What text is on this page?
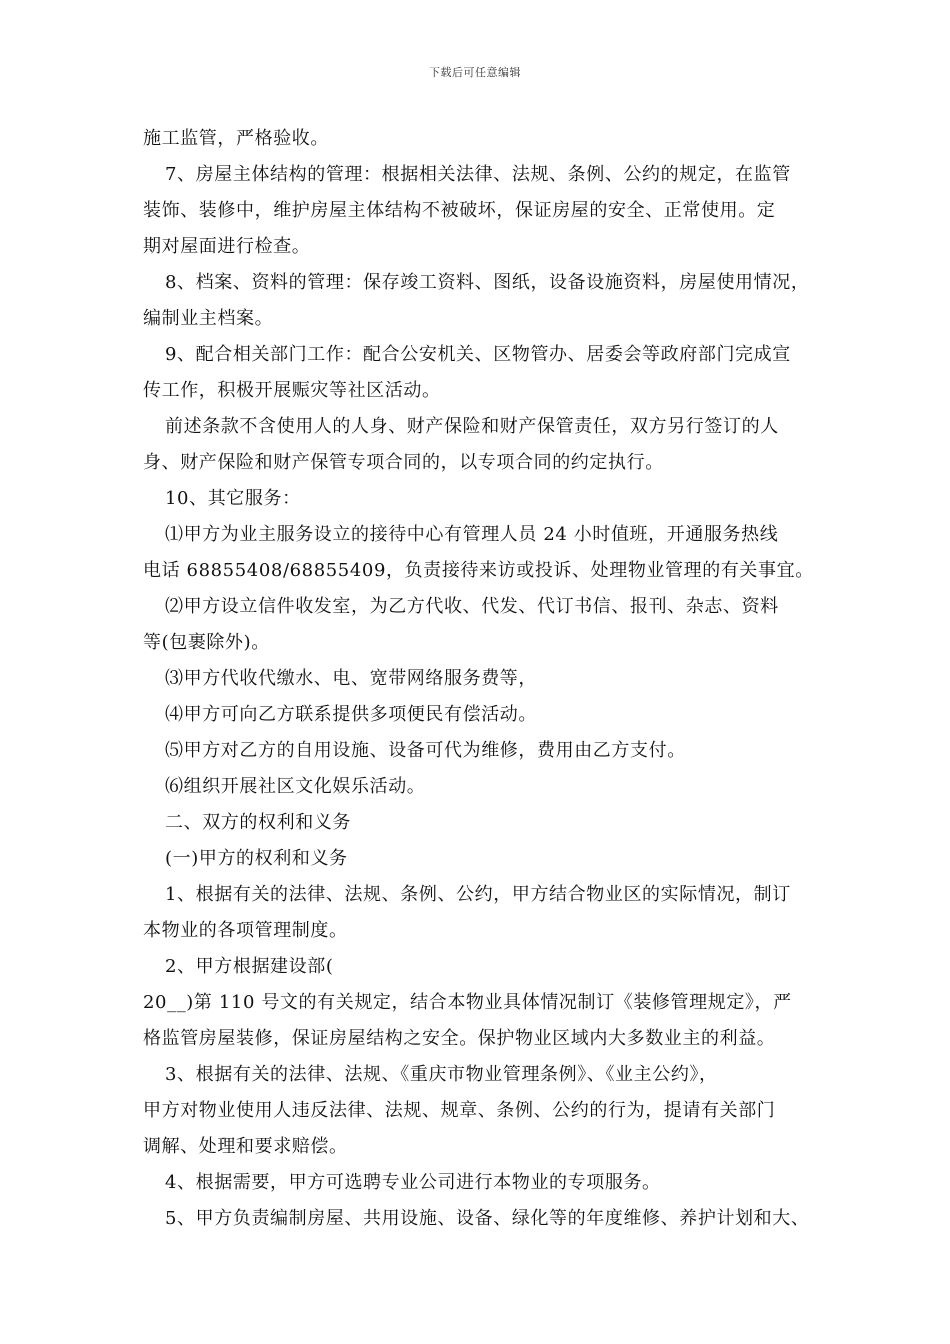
下载后可任意编辑
施工监管，严格验收。
7、房屋主体结构的管理：根据相关法律、法规、条例、公约的规定，在监管
装饰、装修中，维护房屋主体结构不被破坏，保证房屋的安全、正常使用。定
期对屋面进行检查。
8、档案、资料的管理：保存竣工资料、图纸，设备设施资料，房屋使用情况，
编制业主档案。
9、配合相关部门工作：配合公安机关、区物管办、居委会等政府部门完成宣
传工作，积极开展赈灾等社区活动。
前述条款不含使用人的人身、财产保险和财产保管责任，双方另行签订的人
身、财产保险和财产保管专项合同的，以专项合同的约定执行。
10、其它服务：
⑴甲方为业主服务设立的接待中心有管理人员 24 小时值班，开通服务热线
电话 68855408/68855409，负责接待来访或投诉、处理物业管理的有关事宜。
⑵甲方设立信件收发室，为乙方代收、代发、代订书信、报刊、杂志、资料
等(包裹除外)。
⑶甲方代收代缴水、电、宽带网络服务费等，
⑷甲方可向乙方联系提供多项便民有偿活动。
⑸甲方对乙方的自用设施、设备可代为维修，费用由乙方支付。
⑹组织开展社区文化娱乐活动。
二、双方的权利和义务
(一)甲方的权利和义务
1、根据有关的法律、法规、条例、公约，甲方结合物业区的实际情况，制订
本物业的各项管理制度。
2、甲方根据建设部(
20__)第 110 号文的有关规定，结合本物业具体情况制订《装修管理规定》，严
格监管房屋装修，保证房屋结构之安全。保护物业区域内大多数业主的利益。
3、根据有关的法律、法规、《重庆市物业管理条例》、《业主公约》，
甲方对物业使用人违反法律、法规、规章、条例、公约的行为，提请有关部门
调解、处理和要求赔偿。
4、根据需要，甲方可选聘专业公司进行本物业的专项服务。
5、甲方负责编制房屋、共用设施、设备、绿化等的年度维修、养护计划和大、
